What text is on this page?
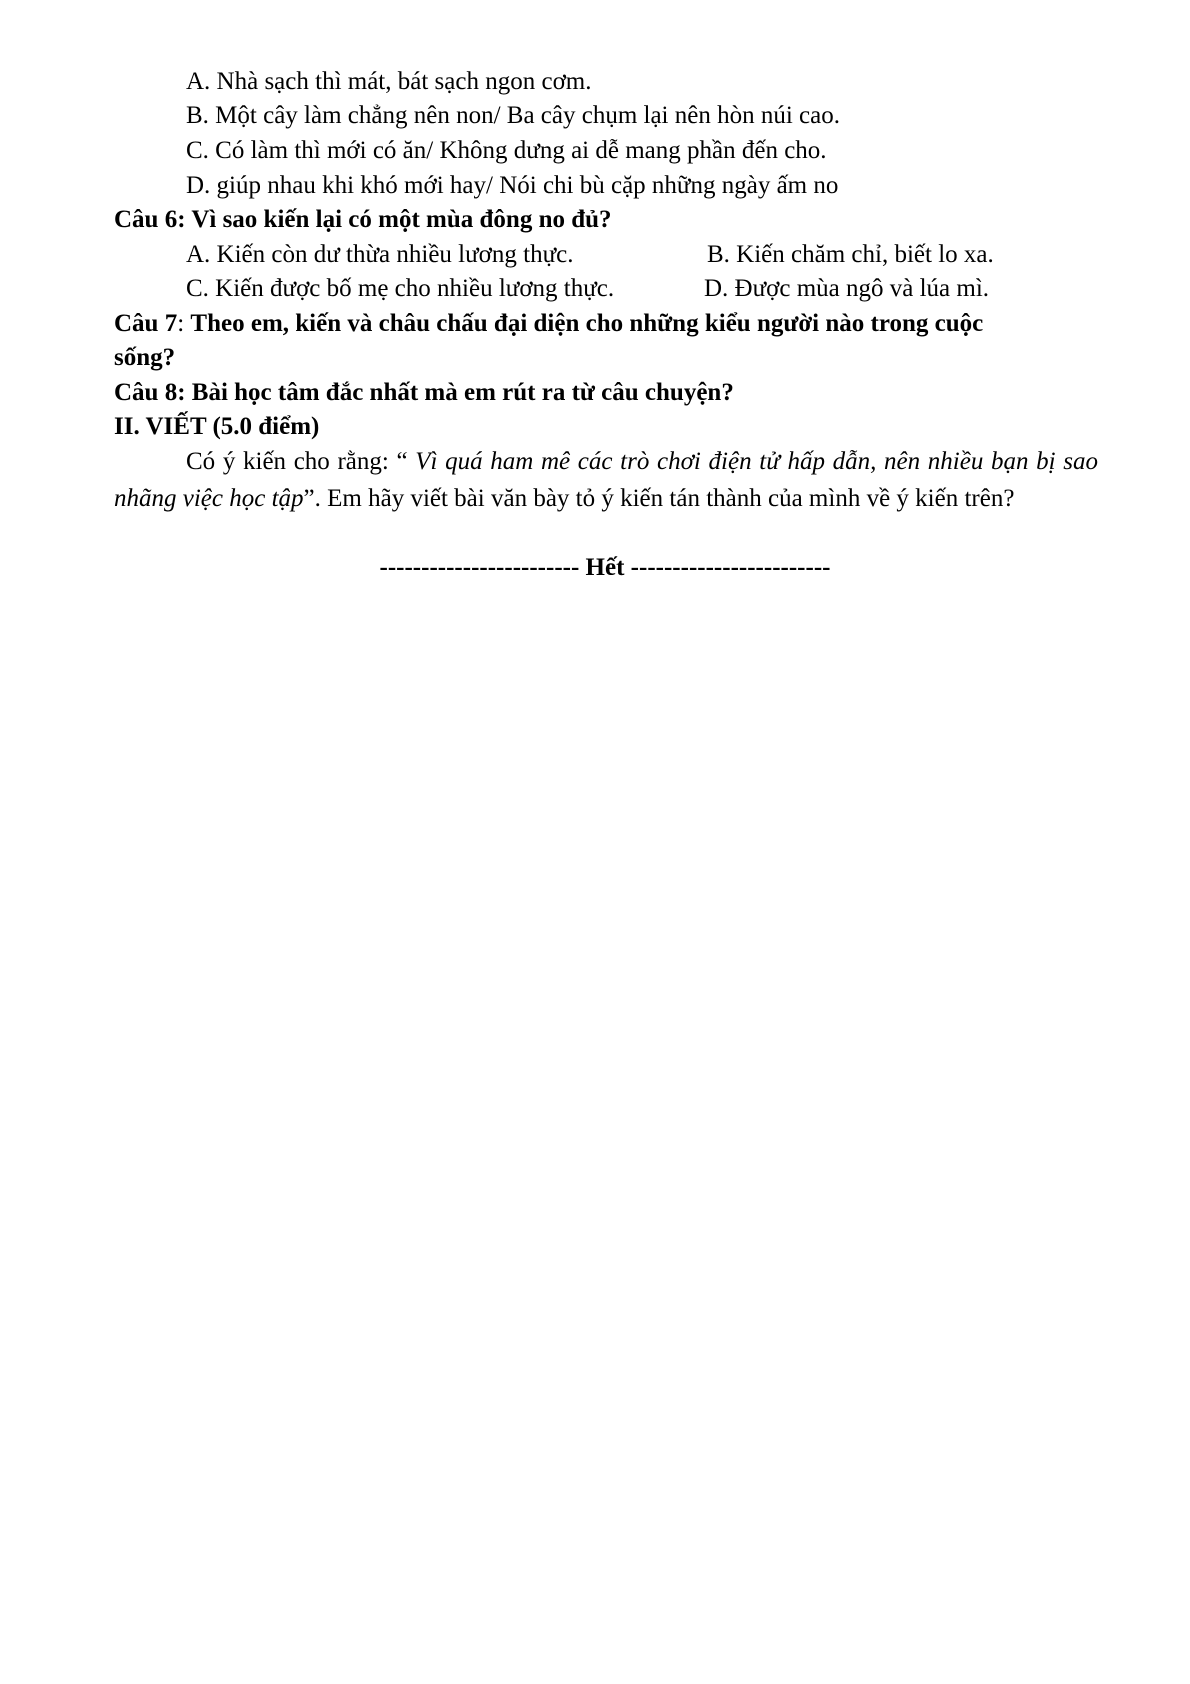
A. Nhà sạch thì mát, bát sạch ngon cơm.
B. Một cây làm chẳng nên non/ Ba cây chụm lại nên hòn núi cao.
C. Có làm thì mới có ăn/ Không dưng ai dễ mang phần đến cho.
D. giúp nhau khi khó mới hay/ Nói chi bù cặp những ngày ấm no
Câu 6: Vì sao kiến lại có một mùa đông no đủ?
A. Kiến còn dư thừa nhiều lương thực.	B. Kiến chăm chỉ, biết lo xa.
C. Kiến được bố mẹ cho nhiều lương thực.	D. Được mùa ngô và lúa mì.
Câu 7: Theo em, kiến và châu chấu đại diện cho những kiểu người nào trong cuộc
sống?
Câu 8: Bài học tâm đắc nhất mà em rút ra từ câu chuyện?
II. VIẾT (5.0 điểm)
Có ý kiến cho rằng: “ Vì quá ham mê các trò chơi điện tử hấp dẫn, nên nhiều bạn bị sao nhãng việc học tập”. Em hãy viết bài văn bày tỏ ý kiến tán thành của mình về ý kiến trên?
------------------------ Hết ------------------------
